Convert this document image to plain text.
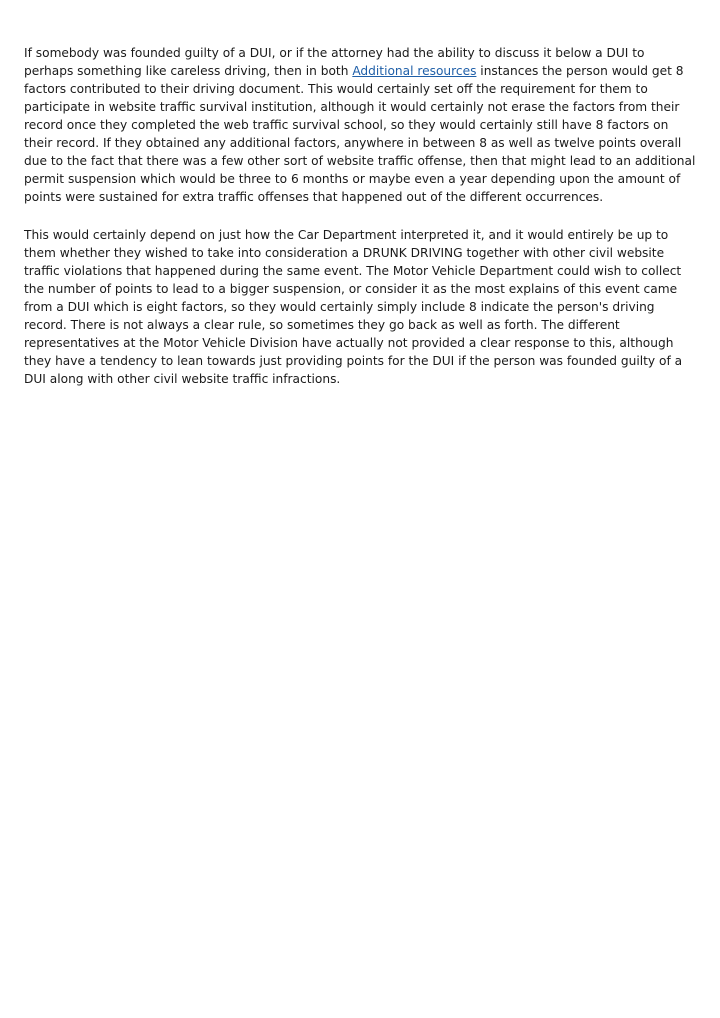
If somebody was founded guilty of a DUI, or if the attorney had the ability to discuss it below a DUI to perhaps something like careless driving, then in both Additional resources instances the person would get 8 factors contributed to their driving document. This would certainly set off the requirement for them to participate in website traffic survival institution, although it would certainly not erase the factors from their record once they completed the web traffic survival school, so they would certainly still have 8 factors on their record. If they obtained any additional factors, anywhere in between 8 as well as twelve points overall due to the fact that there was a few other sort of website traffic offense, then that might lead to an additional permit suspension which would be three to 6 months or maybe even a year depending upon the amount of points were sustained for extra traffic offenses that happened out of the different occurrences.

This would certainly depend on just how the Car Department interpreted it, and it would entirely be up to them whether they wished to take into consideration a DRUNK DRIVING together with other civil website traffic violations that happened during the same event. The Motor Vehicle Department could wish to collect the number of points to lead to a bigger suspension, or consider it as the most explains of this event came from a DUI which is eight factors, so they would certainly simply include 8 indicate the person's driving record. There is not always a clear rule, so sometimes they go back as well as forth. The different representatives at the Motor Vehicle Division have actually not provided a clear response to this, although they have a tendency to lean towards just providing points for the DUI if the person was founded guilty of a DUI along with other civil website traffic infractions.
